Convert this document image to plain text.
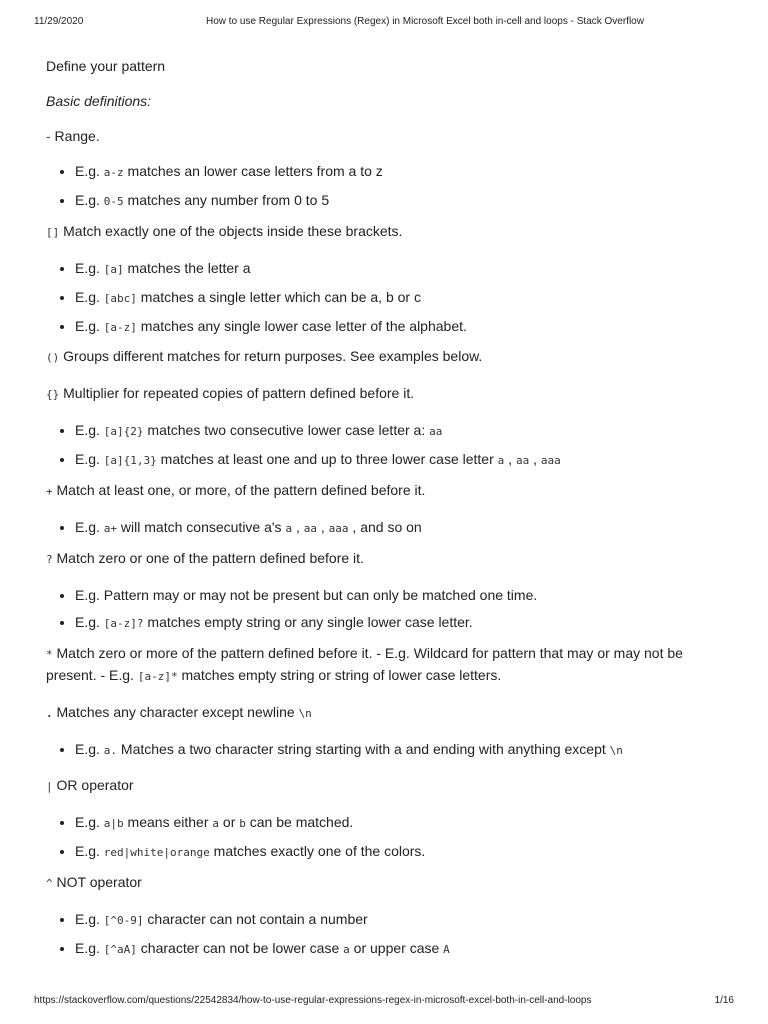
11/29/2020	How to use Regular Expressions (Regex) in Microsoft Excel both in-cell and loops - Stack Overflow

Define your pattern

Basic definitions:

- Range.

• E.g. a-z matches an lower case letters from a to z
• E.g. 0-5 matches any number from 0 to 5

[] Match exactly one of the objects inside these brackets.

• E.g. [a] matches the letter a
• E.g. [abc] matches a single letter which can be a, b or c
• E.g. [a-z] matches any single lower case letter of the alphabet.

() Groups different matches for return purposes. See examples below.

{} Multiplier for repeated copies of pattern defined before it.

• E.g. [a]{2} matches two consecutive lower case letter a: aa
• E.g. [a]{1,3} matches at least one and up to three lower case letter a , aa , aaa

+ Match at least one, or more, of the pattern defined before it.

• E.g. a+ will match consecutive a's a , aa , aaa , and so on

? Match zero or one of the pattern defined before it.

• E.g. Pattern may or may not be present but can only be matched one time.
• E.g. [a-z]? matches empty string or any single lower case letter.

* Match zero or more of the pattern defined before it. - E.g. Wildcard for pattern that may or may not be present. - E.g. [a-z]* matches empty string or string of lower case letters.

. Matches any character except newline \n

• E.g. a. Matches a two character string starting with a and ending with anything except \n

| OR operator

• E.g. a|b means either a or b can be matched.
• E.g. red|white|orange matches exactly one of the colors.

^ NOT operator

• E.g. [^0-9] character can not contain a number
• E.g. [^aA] character can not be lower case a or upper case A
https://stackoverflow.com/questions/22542834/how-to-use-regular-expressions-regex-in-microsoft-excel-both-in-cell-and-loops	1/16
